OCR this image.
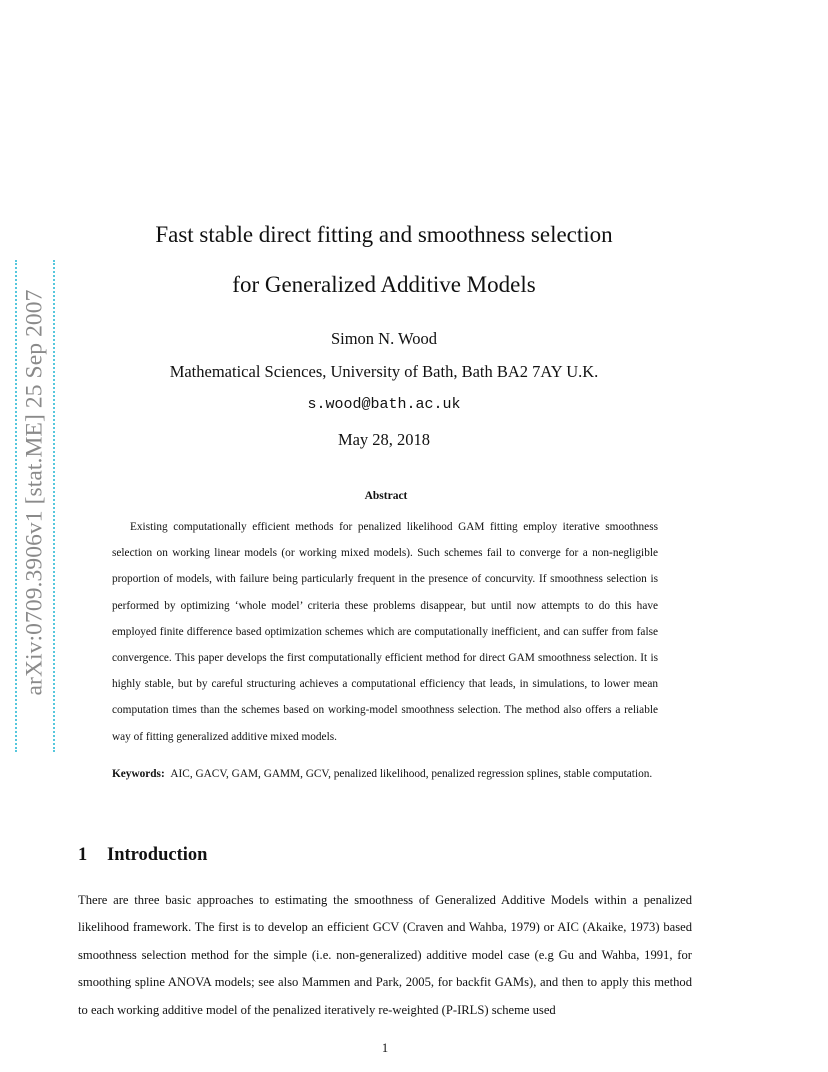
arXiv:0709.3906v1 [stat.ME] 25 Sep 2007
Fast stable direct fitting and smoothness selection
for Generalized Additive Models
Simon N. Wood
Mathematical Sciences, University of Bath, Bath BA2 7AY U.K.
s.wood@bath.ac.uk
May 28, 2018
Abstract

Existing computationally efficient methods for penalized likelihood GAM fitting employ iterative smoothness selection on working linear models (or working mixed models). Such schemes fail to converge for a non-negligible proportion of models, with failure being particularly frequent in the presence of concurvity. If smoothness selection is performed by optimizing ‘whole model’ criteria these problems disappear, but until now attempts to do this have employed finite difference based optimization schemes which are computationally inefficient, and can suffer from false convergence. This paper develops the first computationally efficient method for direct GAM smoothness selection. It is highly stable, but by careful structuring achieves a computational efficiency that leads, in simulations, to lower mean computation times than the schemes based on working-model smoothness selection. The method also offers a reliable way of fitting generalized additive mixed models.

Keywords: AIC, GACV, GAM, GAMM, GCV, penalized likelihood, penalized regression splines, stable computation.

1 Introduction

There are three basic approaches to estimating the smoothness of Generalized Additive Models within a penalized likelihood framework. The first is to develop an efficient GCV (Craven and Wahba, 1979) or AIC (Akaike, 1973) based smoothness selection method for the simple (i.e. non-generalized) additive model case (e.g Gu and Wahba, 1991, for smoothing spline ANOVA models; see also Mammen and Park, 2005, for backfit GAMs), and then to apply this method to each working additive model of the penalized iteratively re-weighted (P-IRLS) scheme used

1
